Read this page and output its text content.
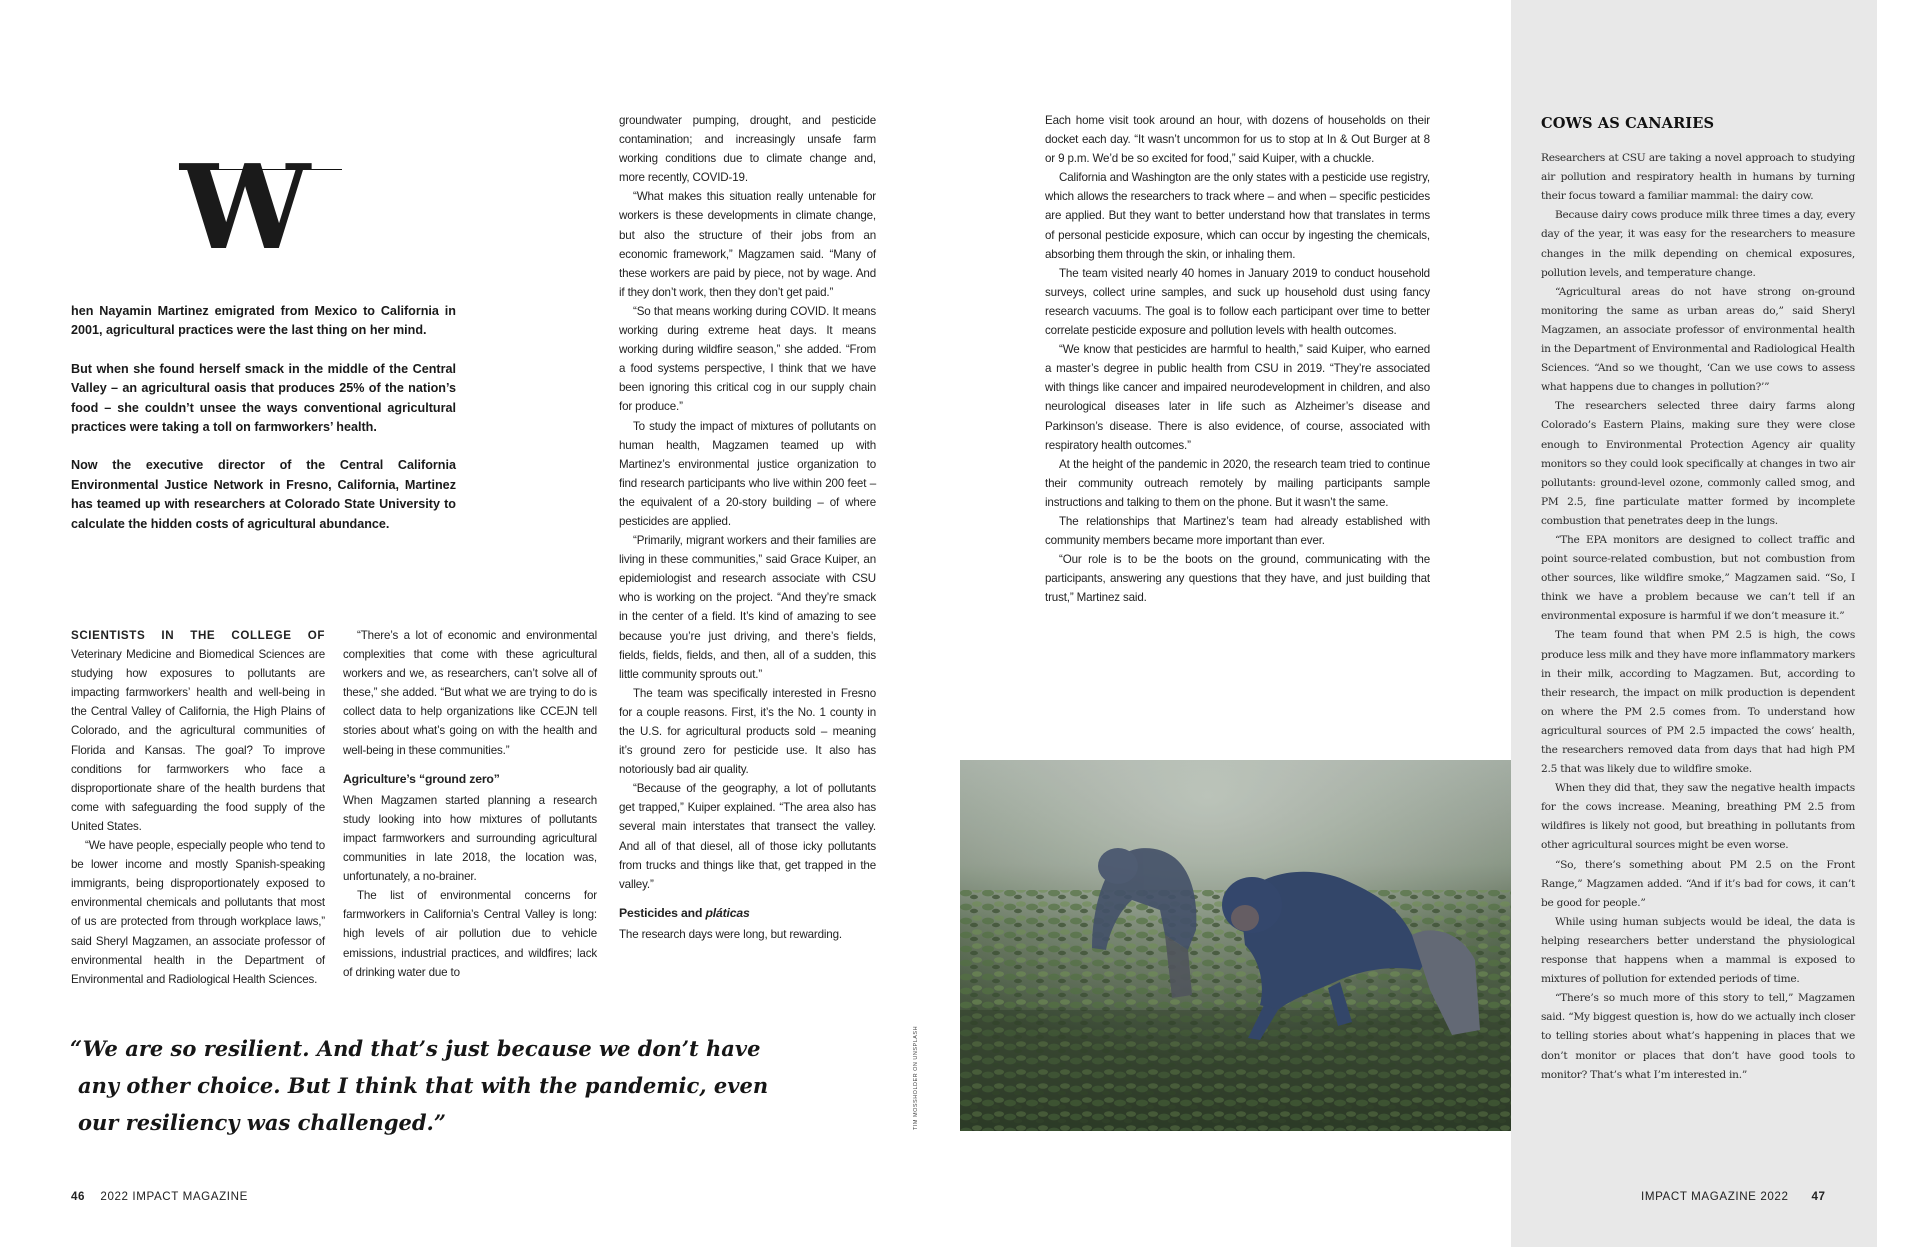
W

hen Nayamin Martinez emigrated from Mexico to California in 2001, agricultural practices were the last thing on her mind.

But when she found herself smack in the middle of the Central Valley – an agricultural oasis that produces 25% of the nation’s food – she couldn’t unsee the ways conventional agricultural practices were taking a toll on farmworkers’ health.

Now the executive director of the Central California Environmental Justice Network in Fresno, California, Martinez has teamed up with researchers at Colorado State University to calculate the hidden costs of agricultural abundance.

SCIENTISTS IN THE COLLEGE OF Veterinary Medicine and Biomedical Sciences are studying how exposures to pollutants are impacting farmworkers’ health and well-being in the Central Valley of California, the High Plains of Colorado, and the agricultural communities of Florida and Kansas. The goal? To improve conditions for farmworkers who face a disproportionate share of the health burdens that come with safeguarding the food supply of the United States.

“We have people, especially people who tend to be lower income and mostly Spanish-speaking immigrants, being disproportionately exposed to environmental chemicals and pollutants that most of us are protected from through workplace laws,” said Sheryl Magzamen, an associate professor of environmental health in the Department of Environmental and Radiological Health Sciences.

“There’s a lot of economic and environmental complexities that come with these agricultural workers and we, as researchers, can’t solve all of these,” she added. “But what we are trying to do is collect data to help organizations like CCEJN tell stories about what’s going on with the health and well-being in these communities.”

Agriculture’s “ground zero”

When Magzamen started planning a research study looking into how mixtures of pollutants impact farmworkers and surrounding agricultural communities in late 2018, the location was, unfortunately, a no-brainer.

The list of environmental concerns for farmworkers in California’s Central Valley is long: high levels of air pollution due to vehicle emissions, industrial practices, and wildfires; lack of drinking water due to

groundwater pumping, drought, and pesticide contamination; and increasingly unsafe farm working conditions due to climate change and, more recently, COVID-19.

“What makes this situation really untenable for workers is these developments in climate change, but also the structure of their jobs from an economic framework,” Magzamen said. “Many of these workers are paid by piece, not by wage. And if they don’t work, then they don’t get paid.”

“So that means working during COVID. It means working during extreme heat days. It means working during wildfire season,” she added. “From a food systems perspective, I think that we have been ignoring this critical cog in our supply chain for produce.”

To study the impact of mixtures of pollutants on human health, Magzamen teamed up with Martinez’s environmental justice organization to find research participants who live within 200 feet – the equivalent of a 20-story building – of where pesticides are applied.

“Primarily, migrant workers and their families are living in these communities,” said Grace Kuiper, an epidemiologist and research associate with CSU who is working on the project. “And they’re smack in the center of a field. It’s kind of amazing to see because you’re just driving, and there’s fields, fields, fields, fields, and then, all of a sudden, this little community sprouts out.”

The team was specifically interested in Fresno for a couple reasons. First, it’s the No. 1 county in the U.S. for agricultural products sold – meaning it’s ground zero for pesticide use. It also has notoriously bad air quality.

“Because of the geography, a lot of pollutants get trapped,” Kuiper explained. “The area also has several main interstates that transect the valley. And all of that diesel, all of those icky pollutants from trucks and things like that, get trapped in the valley.”

Pesticides and pláticas

The research days were long, but rewarding.

Each home visit took around an hour, with dozens of households on their docket each day. “It wasn’t uncommon for us to stop at In & Out Burger at 8 or 9 p.m. We’d be so excited for food,” said Kuiper, with a chuckle.

California and Washington are the only states with a pesticide use registry, which allows the researchers to track where – and when – specific pesticides are applied. But they want to better understand how that translates in terms of personal pesticide exposure, which can occur by ingesting the chemicals, absorbing them through the skin, or inhaling them.

The team visited nearly 40 homes in January 2019 to conduct household surveys, collect urine samples, and suck up household dust using fancy research vacuums. The goal is to follow each participant over time to better correlate pesticide exposure and pollution levels with health outcomes.

“We know that pesticides are harmful to health,” said Kuiper, who earned a master’s degree in public health from CSU in 2019. “They’re associated with things like cancer and impaired neurodevelopment in children, and also neurological diseases later in life such as Alzheimer’s disease and Parkinson’s disease. There is also evidence, of course, associated with respiratory health outcomes.”

At the height of the pandemic in 2020, the research team tried to continue their community outreach remotely by mailing participants sample instructions and talking to them on the phone. But it wasn’t the same.

The relationships that Martinez’s team had already established with community members became more important than ever.

“Our role is to be the boots on the ground, communicating with the participants, answering any questions that they have, and just building that trust,” Martinez said.

“We are so resilient. And that’s just because we don’t have
any other choice. But I think that with the pandemic, even
our resiliency was challenged.”	TIM MOSSHOLDER ON UNSPLASH
COWS AS CANARIES

Researchers at CSU are taking a novel approach to studying air pollution and respiratory health in humans by turning their focus toward a familiar mammal: the dairy cow.

Because dairy cows produce milk three times a day, every day of the year, it was easy for the researchers to measure changes in the milk depending on chemical exposures, pollution levels, and temperature change.

“Agricultural areas do not have strong on-ground monitoring the same as urban areas do,” said Sheryl Magzamen, an associate professor of environmental health in the Department of Environmental and Radiological Health Sciences. “And so we thought, ‘Can we use cows to assess what happens due to changes in pollution?’”

The researchers selected three dairy farms along Colorado’s Eastern Plains, making sure they were close enough to Environmental Protection Agency air quality monitors so they could look specifically at changes in two air pollutants: ground-level ozone, commonly called smog, and PM 2.5, fine particulate matter formed by incomplete combustion that penetrates deep in the lungs.

“The EPA monitors are designed to collect traffic and point source-related combustion, but not combustion from other sources, like wildfire smoke,” Magzamen said. “So, I think we have a problem because we can’t tell if an environmental exposure is harmful if we don’t measure it.”

The team found that when PM 2.5 is high, the cows produce less milk and they have more inflammatory markers in their milk, according to Magzamen. But, according to their research, the impact on milk production is dependent on where the PM 2.5 comes from. To understand how agricultural sources of PM 2.5 impacted the cows’ health, the researchers removed data from days that had high PM 2.5 that was likely due to wildfire smoke.

When they did that, they saw the negative health impacts for the cows increase. Meaning, breathing PM 2.5 from wildfires is likely not good, but breathing in pollutants from other agricultural sources might be even worse.

“So, there’s something about PM 2.5 on the Front Range,” Magzamen added. “And if it’s bad for cows, it can’t be good for people.”

While using human subjects would be ideal, the data is helping researchers better understand the physiological response that happens when a mammal is exposed to mixtures of pollution for extended periods of time.

“There’s so much more of this story to tell,” Magzamen said. “My biggest question is, how do we actually inch closer to telling stories about what’s happening in places that we don’t monitor or places that don’t have good tools to monitor? That’s what I’m interested in.”

46 2022 IMPACT MAGAZINE	IMPACT MAGAZINE 2022 47
